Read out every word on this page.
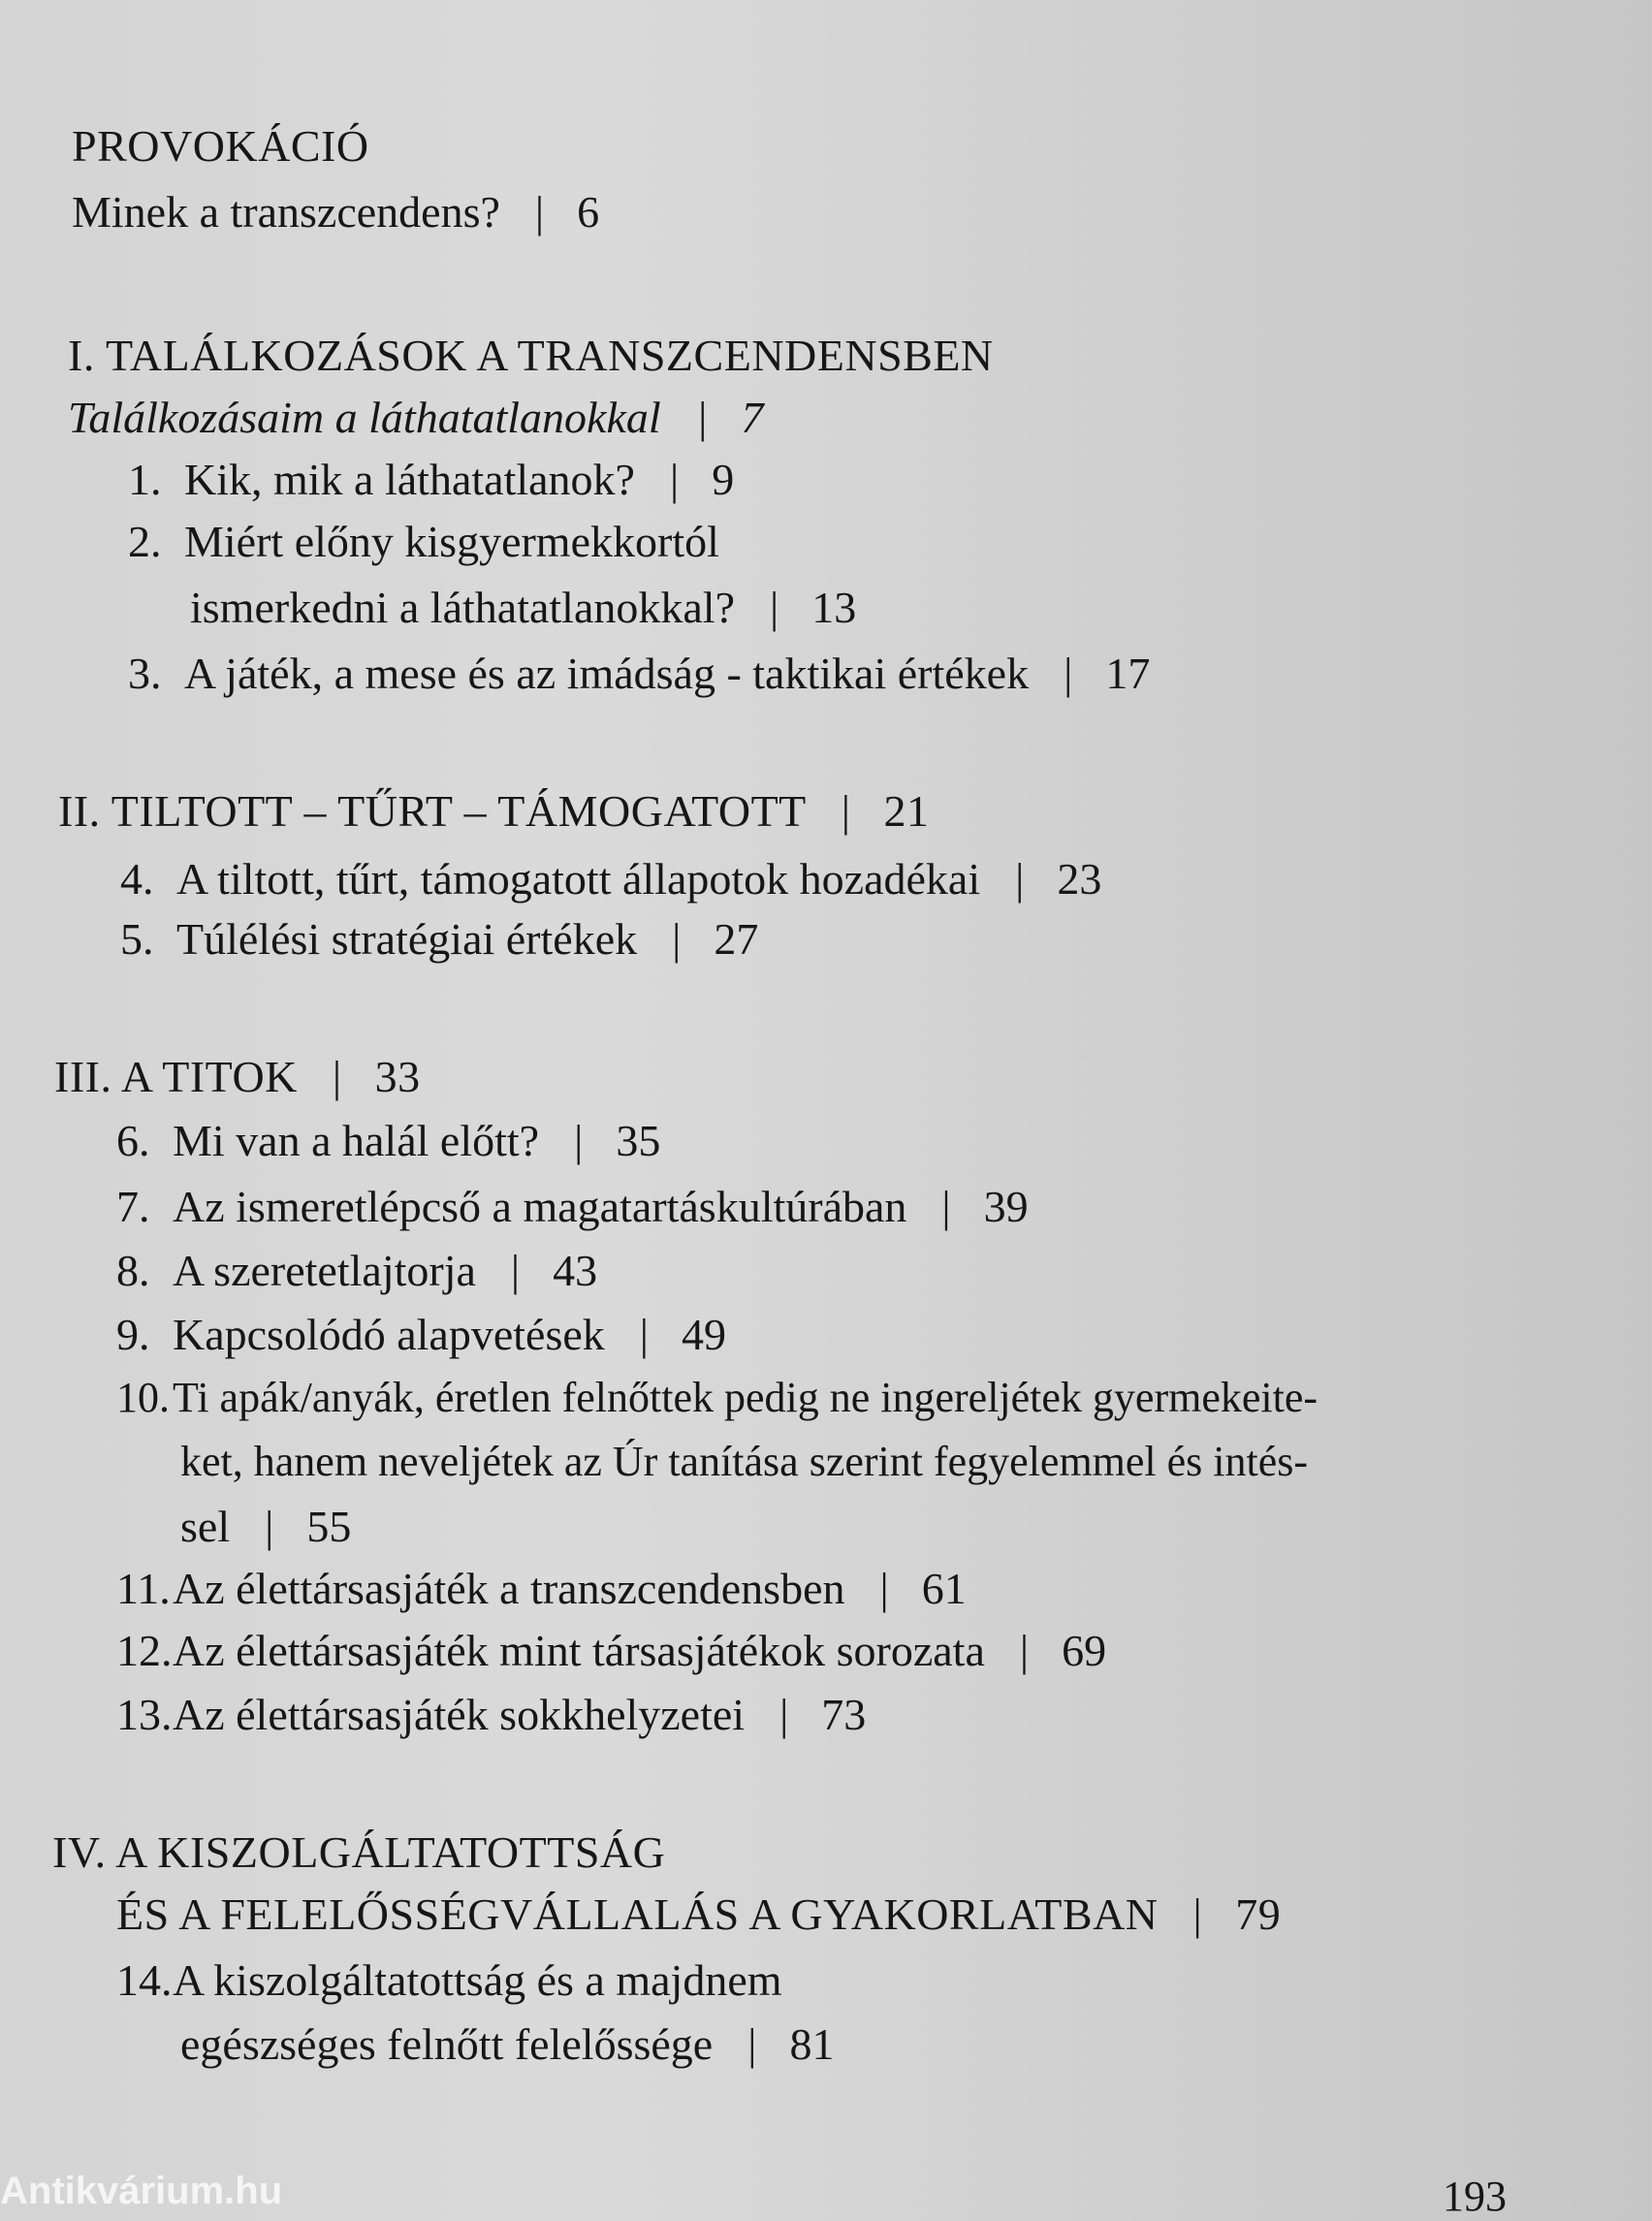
PROVOKÁCIÓ
Minek a transzcendens? | 6
I. TALÁLKOZÁSOK A TRANSZCENDENSBEN
Találkozásaim a láthatatlanokkal | 7
1. Kik, mik a láthatatlanok? | 9
2. Miért előny kisgyermekkortól
ismerkedni a láthatatlanokkal? | 13
3. A játék, a mese és az imádság - taktikai értékek | 17
II. TILTOTT – TŰRT – TÁMOGATOTT | 21
4. A tiltott, tűrt, támogatott állapotok hozadékai | 23
5. Túlélési stratégiai értékek | 27
III. A TITOK | 33
6. Mi van a halál előtt? | 35
7. Az ismeretlépcső a magatartáskultúrában | 39
8. A szeretetlajtorja | 43
9. Kapcsolódó alapvetések | 49
10.Ti apák/anyák, éretlen felnőttek pedig ne ingereljétek gyermekeite-
ket, hanem neveljétek az Úr tanítása szerint fegyelemmel és intés-
sel | 55
11.Az élettársasjáték a transzcendensben | 61
12.Az élettársasjáték mint társasjátékok sorozata | 69
13.Az élettársasjáték sokkhelyzetei | 73
IV. A KISZOLGÁLTATOTTSÁG
ÉS A FELELŐSSÉGVÁLLALÁS A GYAKORLATBAN | 79
14.A kiszolgáltatottság és a majdnem
egészséges felnőtt felelőssége | 81
Antikvárium.hu	193
